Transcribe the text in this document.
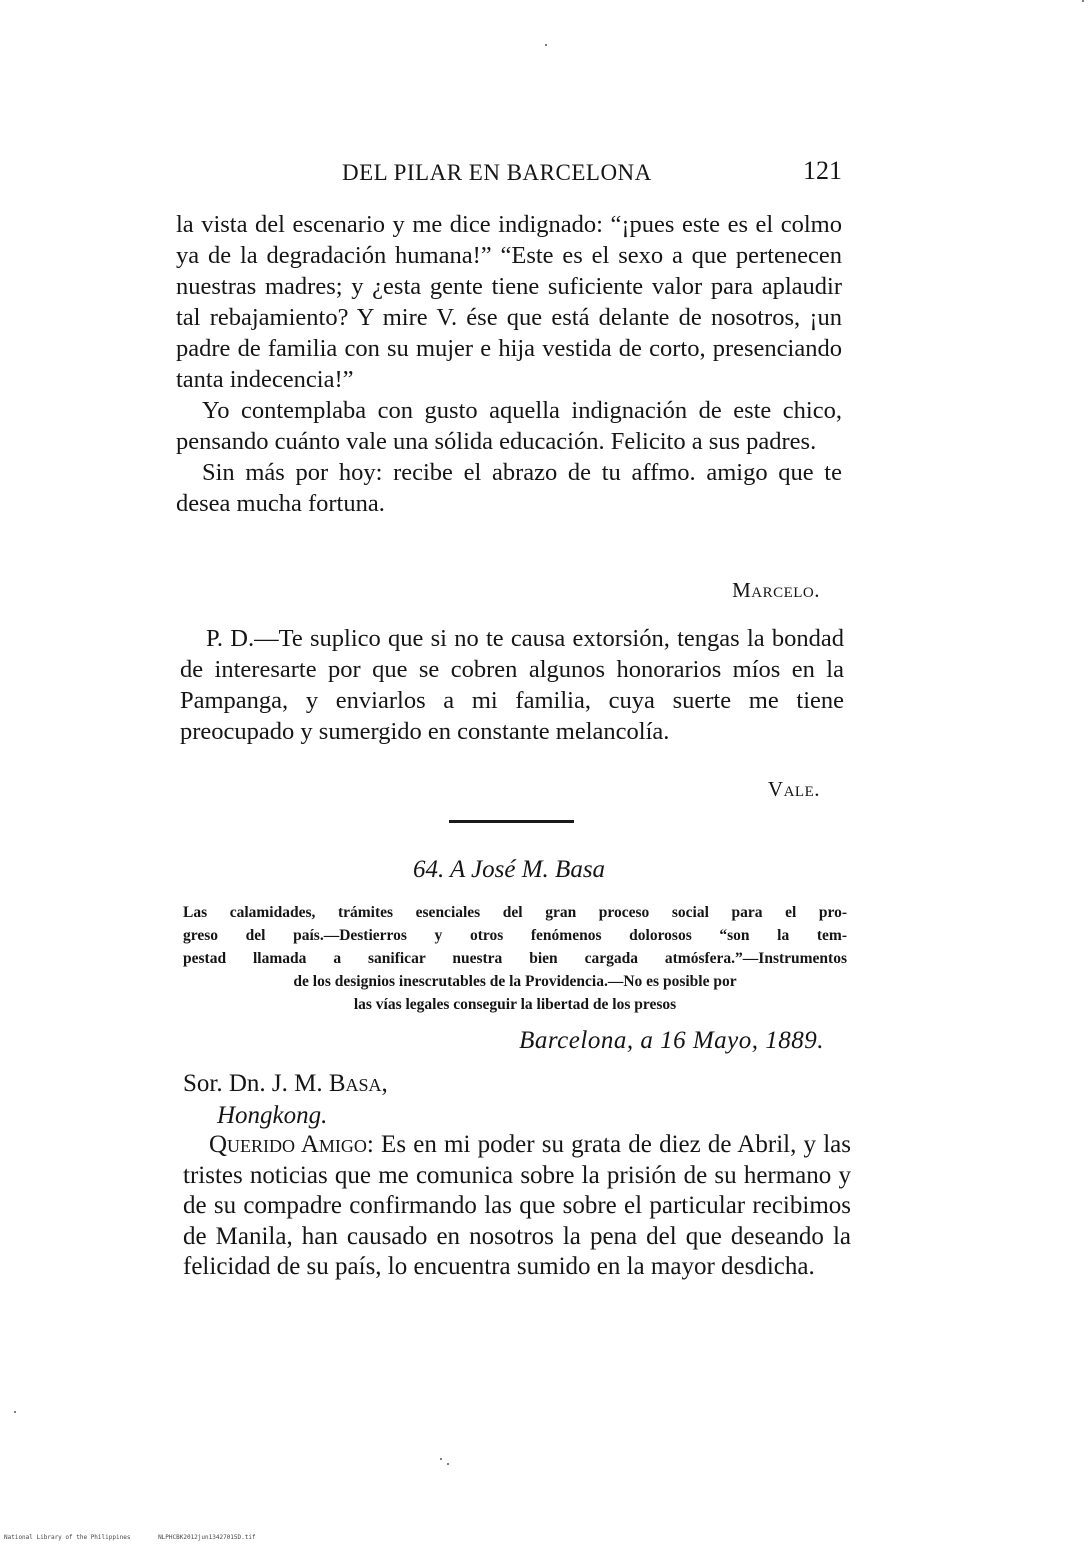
DEL PILAR EN BARCELONA	121

la vista del escenario y me dice indignado: “¡pues este es el colmo ya de la degradación humana!” “Este es el sexo a que pertenecen nuestras madres; y ¿esta gente tiene suficiente valor para aplaudir tal rebajamiento? Y mire V. ése que está delante de nosotros, ¡un padre de familia con su mujer e hija vestida de corto, presenciando tanta indecencia!”

Yo contemplaba con gusto aquella indignación de este chico, pensando cuánto vale una sólida educación. Felicito a sus padres.

Sin más por hoy: recibe el abrazo de tu affmo. amigo que te desea mucha fortuna.

Marcelo.

P. D.—Te suplico que si no te causa extorsión, tengas la bondad de interesarte por que se cobren algunos honorarios míos en la Pampanga, y enviarlos a mi familia, cuya suerte me tiene preocupado y sumergido en constante melancolía.

Vale.

64. A José M. Basa
Las calamidades, trámites esenciales del gran proceso social para el pro-
greso del país.—Destierros y otros fenómenos dolorosos “son la tem-
pestad llamada a sanificar nuestra bien cargada atmósfera.”—Instrumentos
de los designios inescrutables de la Providencia.—No es posible por
las vías legales conseguir la libertad de los presos
Barcelona, a 16 Mayo, 1889.

Sor. Dn. J. M. Basa,

Hongkong.

Querido Amigo: Es en mi poder su grata de diez de Abril, y las tristes noticias que me comunica sobre la prisión de su hermano y de su compadre confirmando las que sobre el particular recibimos de Manila, han causado en nosotros la pena del que deseando la felicidad de su país, lo encuentra sumido en la mayor desdicha.

National Library of the Philippines	NLPHCBK2012jun13427015D.tif
